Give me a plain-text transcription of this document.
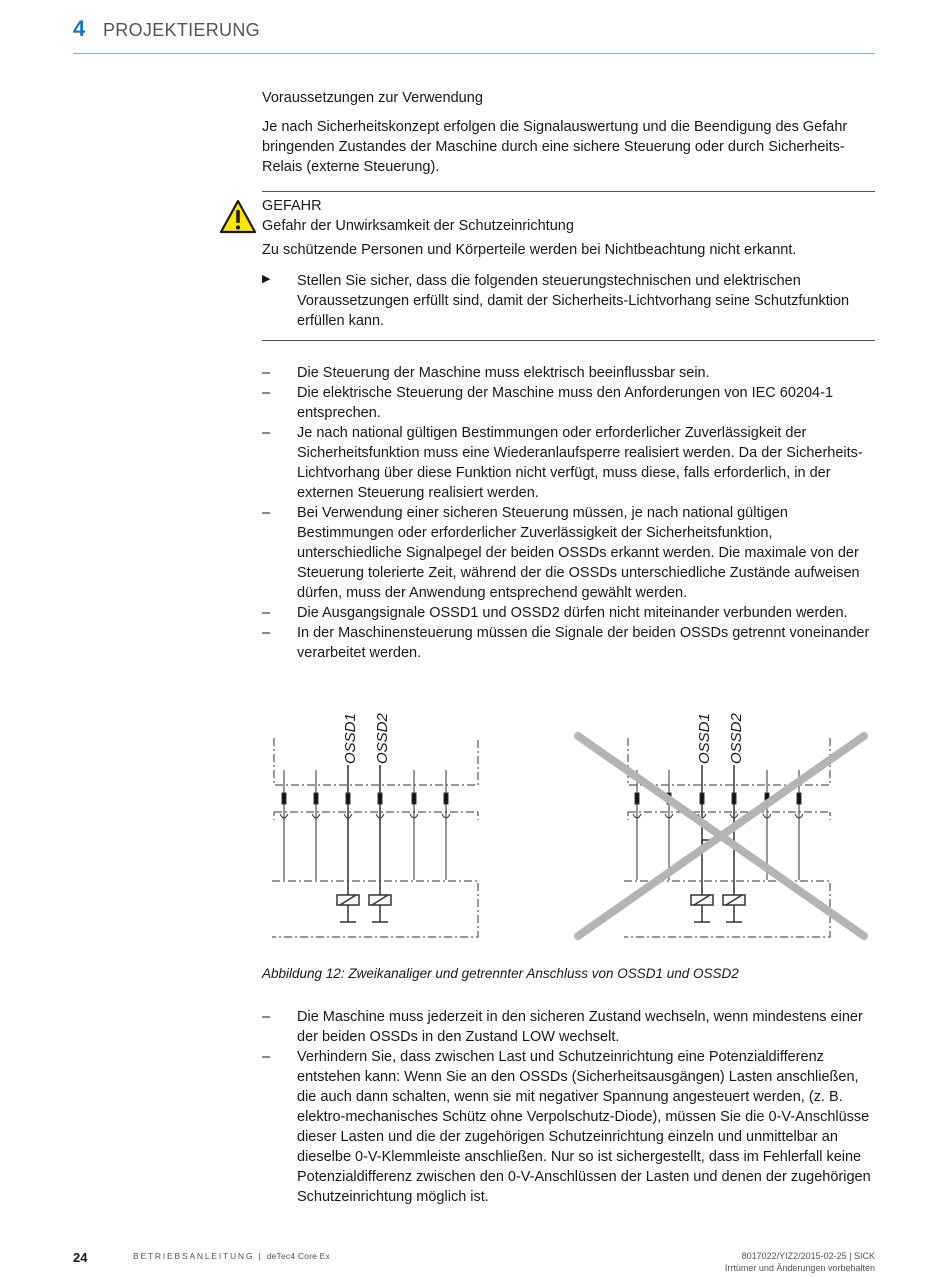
4 PROJEKTIERUNG
Voraussetzungen zur Verwendung
Je nach Sicherheitskonzept erfolgen die Signalauswertung und die Beendigung des Gefahr bringenden Zustandes der Maschine durch eine sichere Steuerung oder durch Sicherheits-Relais (externe Steuerung).
GEFAHR
Gefahr der Unwirksamkeit der Schutzeinrichtung
Zu schützende Personen und Körperteile werden bei Nichtbeachtung nicht erkannt.
▶ Stellen Sie sicher, dass die folgenden steuerungstechnischen und elektrischen Voraussetzungen erfüllt sind, damit der Sicherheits-Lichtvorhang seine Schutzfunktion erfüllen kann.
– Die Steuerung der Maschine muss elektrisch beeinflussbar sein.
– Die elektrische Steuerung der Maschine muss den Anforderungen von IEC 60204-1 entsprechen.
– Je nach national gültigen Bestimmungen oder erforderlicher Zuverlässigkeit der Sicherheitsfunktion muss eine Wiederanlaufsperre realisiert werden. Da der Sicherheits-Lichtvorhang über diese Funktion nicht verfügt, muss diese, falls erforderlich, in der externen Steuerung realisiert werden.
– Bei Verwendung einer sicheren Steuerung müssen, je nach national gültigen Bestimmungen oder erforderlicher Zuverlässigkeit der Sicherheitsfunktion, unterschiedliche Signalpegel der beiden OSSDs erkannt werden. Die maximale von der Steuerung tolerierte Zeit, während der die OSSDs unterschiedliche Zustände aufweisen dürfen, muss der Anwendung entsprechend gewählt werden.
– Die Ausgangsignale OSSD1 und OSSD2 dürfen nicht miteinander verbunden werden.
– In der Maschinensteuerung müssen die Signale der beiden OSSDs getrennt voneinander verarbeitet werden.
OSSD1 OSSD2	OSSD1 OSSD2
Abbildung 12: Zweikanaliger und getrennter Anschluss von OSSD1 und OSSD2
– Die Maschine muss jederzeit in den sicheren Zustand wechseln, wenn mindestens einer der beiden OSSDs in den Zustand LOW wechselt.
– Verhindern Sie, dass zwischen Last und Schutzeinrichtung eine Potenzialdifferenz entstehen kann: Wenn Sie an den OSSDs (Sicherheitsausgängen) Lasten anschließen, die auch dann schalten, wenn sie mit negativer Spannung angesteuert werden, (z. B. elektro-mechanisches Schütz ohne Verpolschutz-Diode), müssen Sie die 0-V-Anschlüsse dieser Lasten und die der zugehörigen Schutzeinrichtung einzeln und unmittelbar an dieselbe 0-V-Klemmleiste anschließen. Nur so ist sichergestellt, dass im Fehlerfall keine Potenzialdifferenz zwischen den 0-V-Anschlüssen der Lasten und denen der zugehörigen Schutzeinrichtung möglich ist.
24	BETRIEBSANLEITUNG | deTec4 Core Ex	8017022/YIZ2/2015-02-25 | SICK
Irrtümer und Änderungen vorbehalten
